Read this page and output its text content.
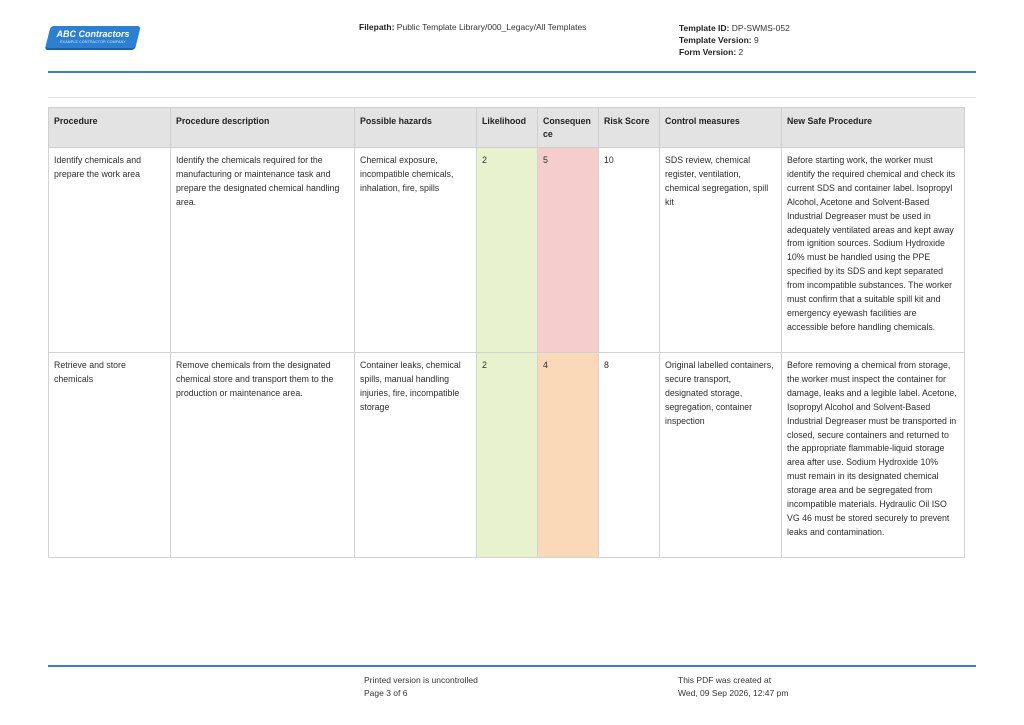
ABC Contractors
EXAMPLE CONTRACTOR COMPANY
Filepath: Public Template Library/000_Legacy/All Templates	Template ID: DP-SWMS-052
Template Version: 9
Form Version: 2
Procedure	Procedure description	Possible hazards	Likelihood	Consequen ce	Risk Score	Control measures	New Safe Procedure
Identify chemicals and prepare the work area	Identify the chemicals required for the manufacturing or maintenance task and prepare the designated chemical handling area.	Chemical exposure, incompatible chemicals, inhalation, fire, spills	2	5	10	SDS review, chemical register, ventilation, chemical segregation, spill kit	Before starting work, the worker must identify the required chemical and check its current SDS and container label. Isopropyl Alcohol, Acetone and Solvent-Based Industrial Degreaser must be used in adequately ventilated areas and kept away from ignition sources. Sodium Hydroxide 10% must be handled using the PPE specified by its SDS and kept separated from incompatible substances. The worker must confirm that a suitable spill kit and emergency eyewash facilities are accessible before handling chemicals.
Retrieve and store chemicals	Remove chemicals from the designated chemical store and transport them to the production or maintenance area.	Container leaks, chemical spills, manual handling injuries, fire, incompatible storage	2	4	8	Original labelled containers, secure transport, designated storage, segregation, container inspection	Before removing a chemical from storage, the worker must inspect the container for damage, leaks and a legible label. Acetone, Isopropyl Alcohol and Solvent-Based Industrial Degreaser must be transported in closed, secure containers and returned to the appropriate flammable-liquid storage area after use. Sodium Hydroxide 10% must remain in its designated chemical storage area and be segregated from incompatible materials. Hydraulic Oil ISO VG 46 must be stored securely to prevent leaks and contamination.
Printed version is uncontrolled
Page 3 of 6
This PDF was created at
Wed, 09 Sep 2026, 12:47 pm
